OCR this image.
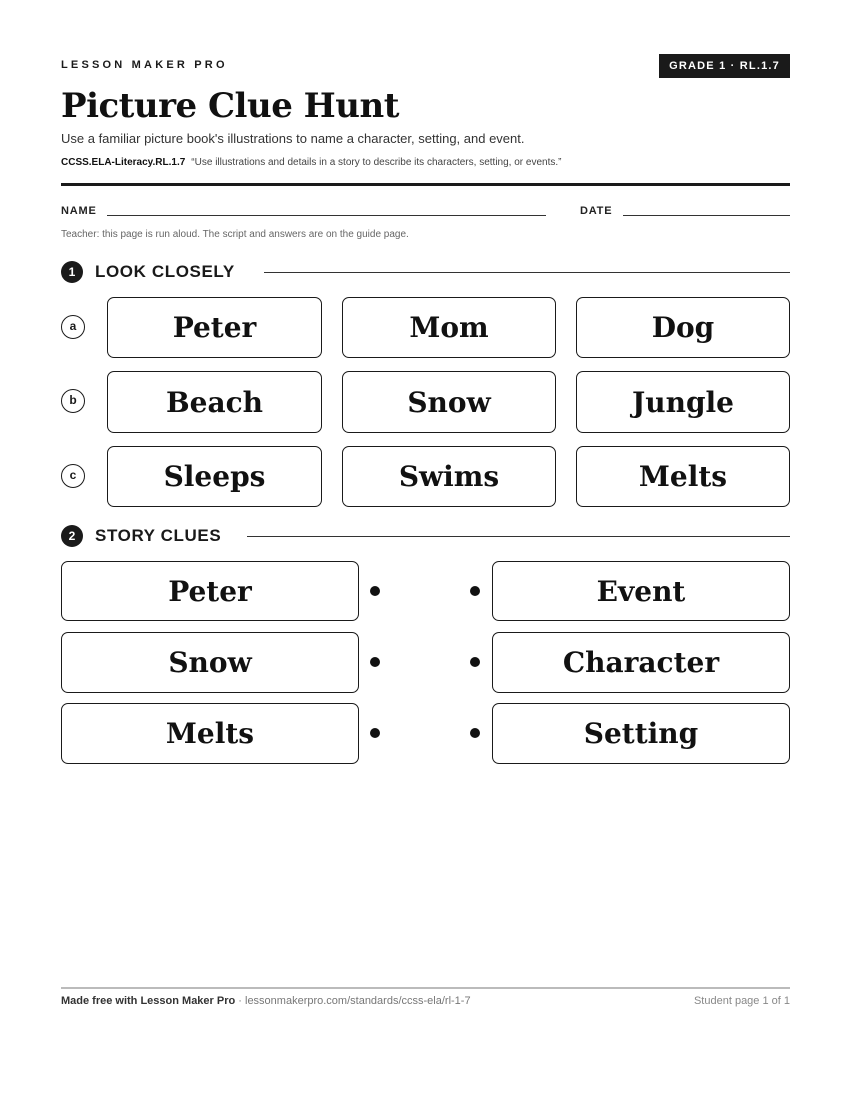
LESSON MAKER PRO	GRADE 1 · RL.1.7
Picture Clue Hunt
Use a familiar picture book's illustrations to name a character, setting, and event.
CCSS.ELA-Literacy.RL.1.7 “Use illustrations and details in a story to describe its characters, setting, or events.”
NAME	DATE
Teacher: this page is run aloud. The script and answers are on the guide page.
1	LOOK CLOSELY
a	Peter	Mom	Dog
b	Beach	Snow	Jungle
c	Sleeps	Swims	Melts
2	STORY CLUES
Peter	Event
Snow	Character
Melts	Setting
Made free with Lesson Maker Pro · lessonmakerpro.com/standards/ccss-ela/rl-1-7	Student page 1 of 1
